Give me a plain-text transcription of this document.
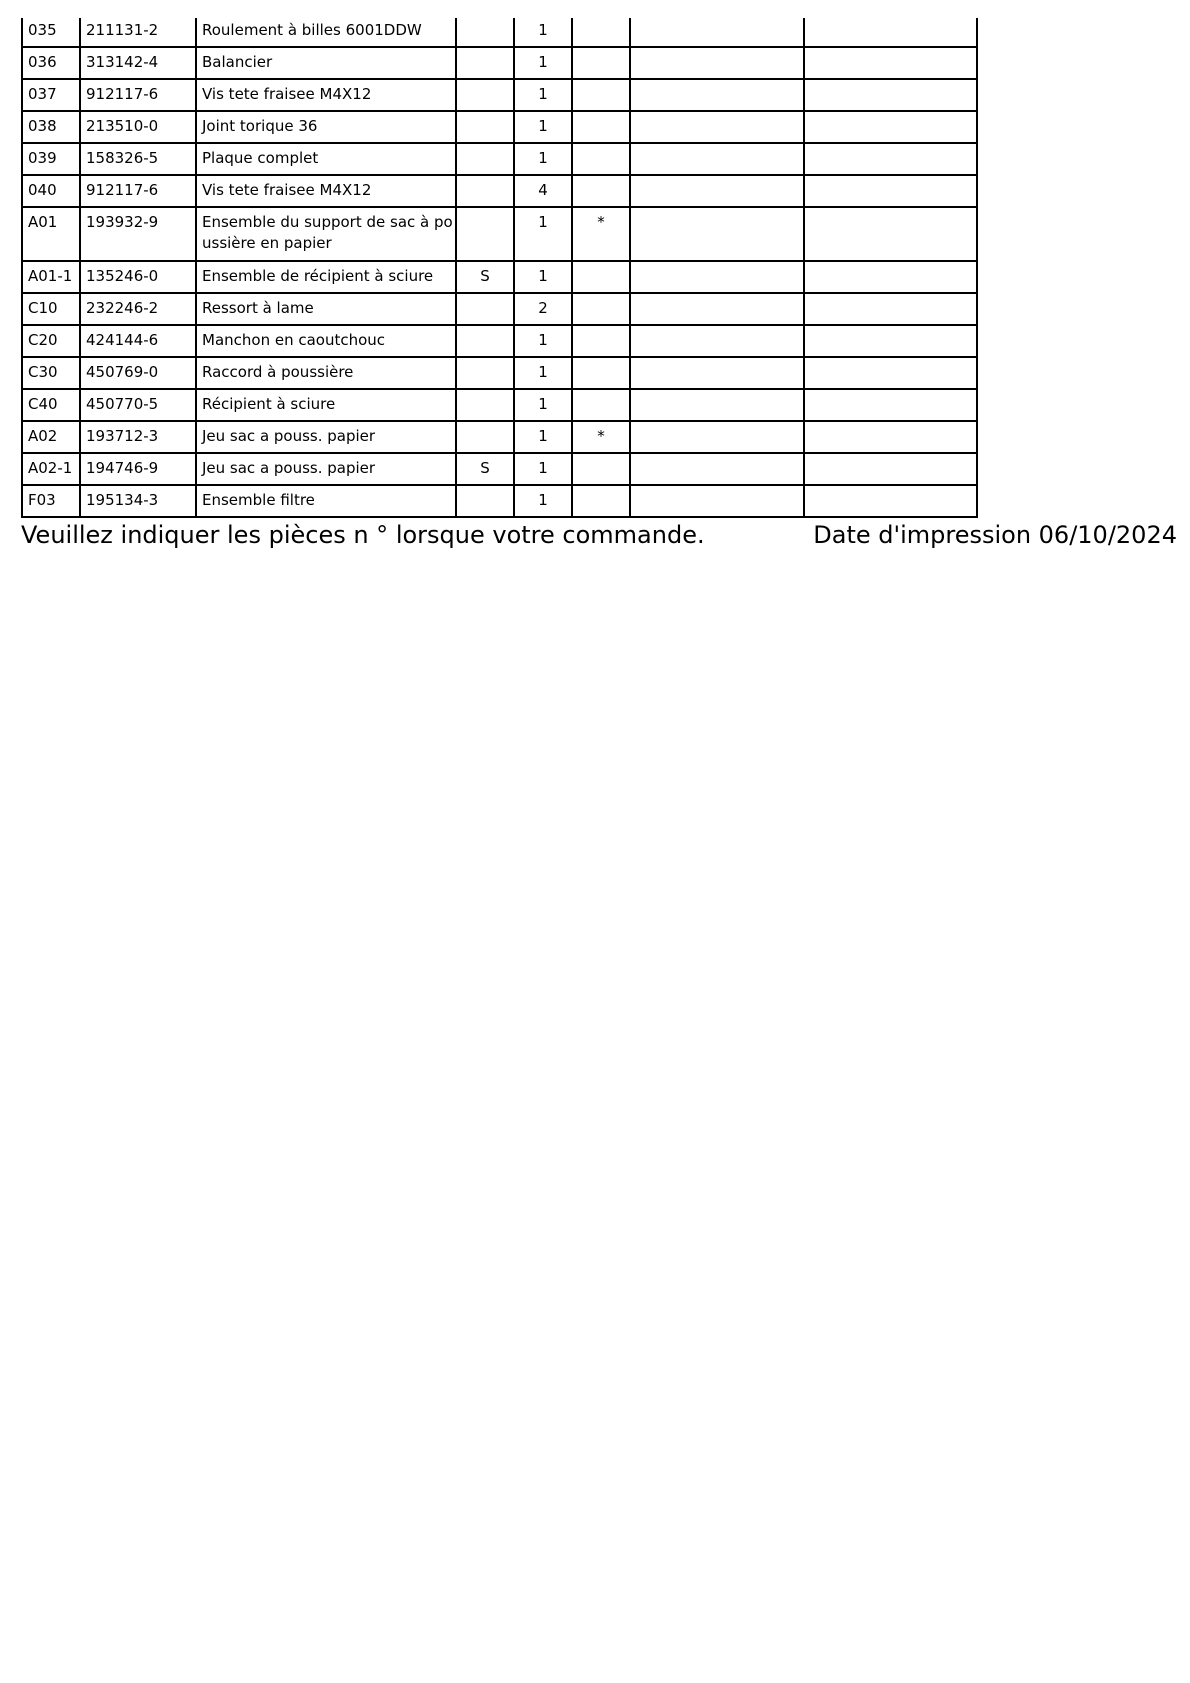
035	211131-2	Roulement à billes 6001DDW		1			

036	313142-4	Balancier		1			

037	912117-6	Vis tete fraisee M4X12		1			

038	213510-0	Joint torique 36		1			

039	158326-5	Plaque complet		1			

040	912117-6	Vis tete fraisee M4X12		4			

A01	193932-9	Ensemble du support de sac à poussière en papier		1	*		

A01-1	135246-0	Ensemble de récipient à sciure	S	1			

C10	232246-2	Ressort à lame		2			

C20	424144-6	Manchon en caoutchouc		1			

C30	450769-0	Raccord à poussière		1			

C40	450770-5	Récipient à sciure		1			

A02	193712-3	Jeu sac a pouss. papier		1	*		

A02-1	194746-9	Jeu sac a pouss. papier	S	1			

F03	195134-3	Ensemble filtre		1			

Veuillez indiquer les pièces n ° lorsque votre commande.	Date d'impression 06/10/2024
